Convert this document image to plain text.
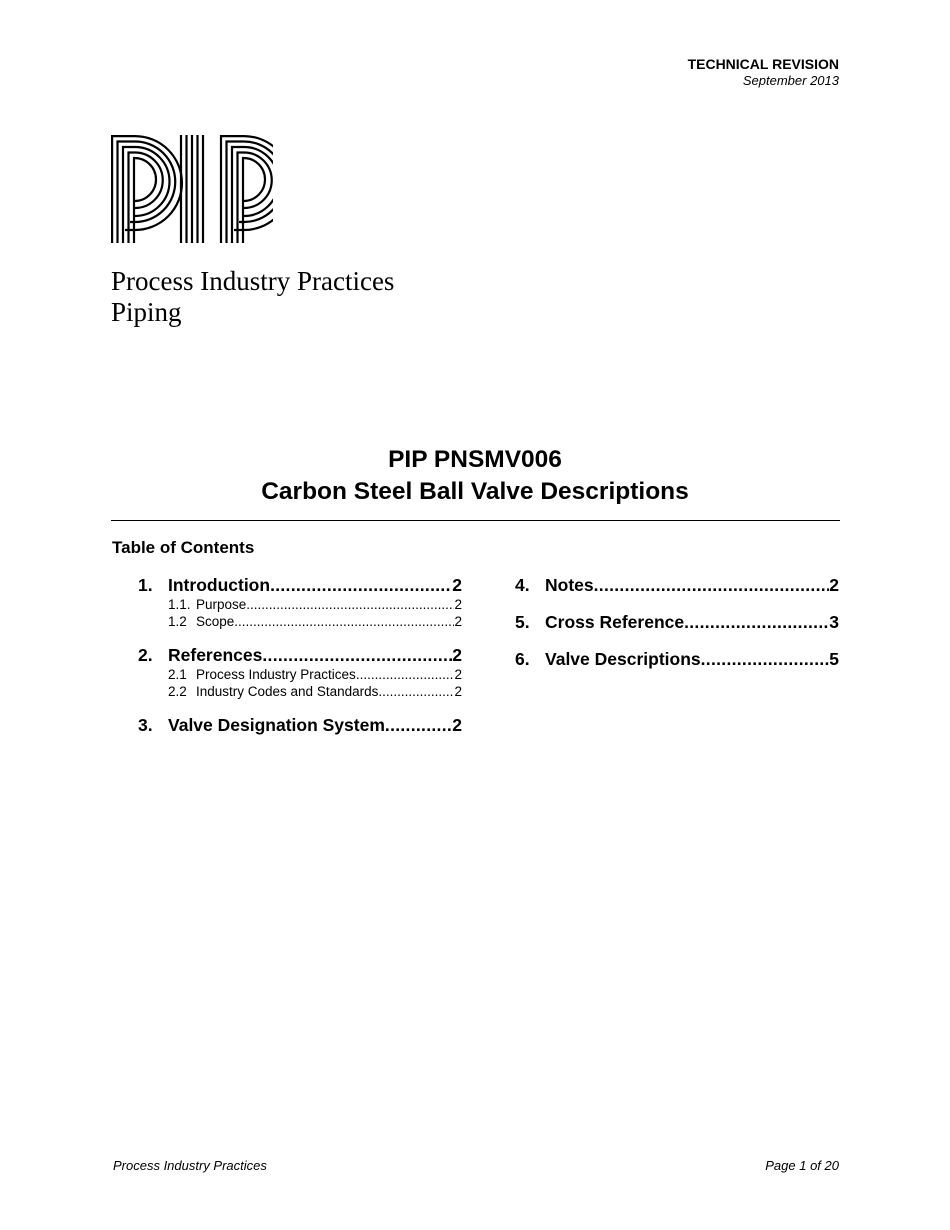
TECHNICAL REVISION
September 2013
Process Industry Practices
Piping
PIP PNSMV006
Carbon Steel Ball Valve Descriptions
Table of Contents
1. Introduction .....	2
1.1. Purpose .....	2
1.2 Scope .....	2
2. References .....	2
2.1 Process Industry Practices .....	2
2.2 Industry Codes and Standards .....	2
3. Valve Designation System .....	2
4. Notes .....	2
5. Cross Reference .....	3
6. Valve Descriptions .....	5
Process Industry Practices	Page 1 of 20
